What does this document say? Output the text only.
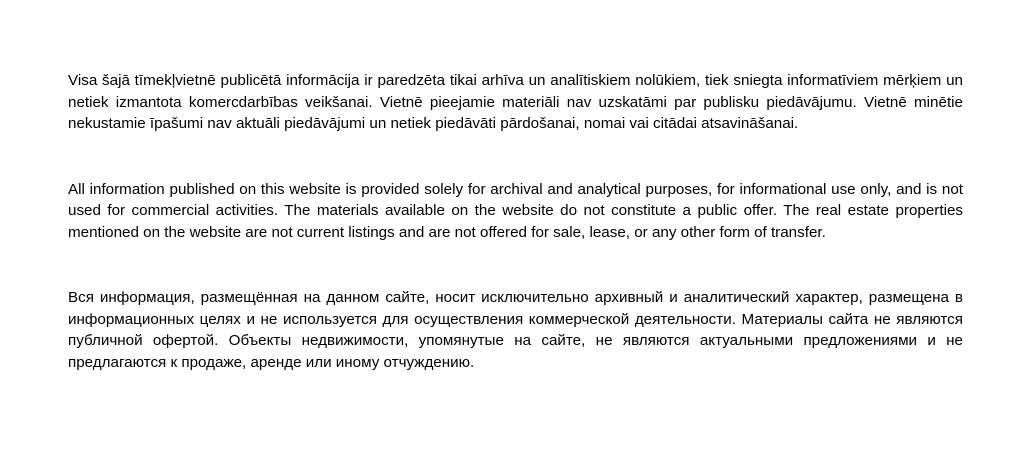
Visa šajā tīmekļvietnē publicētā informācija ir paredzēta tikai arhīva un analītiskiem nolūkiem, tiek sniegta informatīviem mērķiem un netiek izmantota komercdarbības veikšanai. Vietnē pieejamie materiāli nav uzskatāmi par publisku piedāvājumu. Vietnē minētie nekustamie īpašumi nav aktuāli piedāvājumi un netiek piedāvāti pārdošanai, nomai vai citādai atsavināšanai.

All information published on this website is provided solely for archival and analytical purposes, for informational use only, and is not used for commercial activities. The materials available on the website do not constitute a public offer. The real estate properties mentioned on the website are not current listings and are not offered for sale, lease, or any other form of transfer.

Вся информация, размещённая на данном сайте, носит исключительно архивный и аналитический характер, размещена в информационных целях и не используется для осуществления коммерческой деятельности. Материалы сайта не являются публичной офертой. Объекты недвижимости, упомянутые на сайте, не являются актуальными предложениями и не предлагаются к продаже, аренде или иному отчуждению.
